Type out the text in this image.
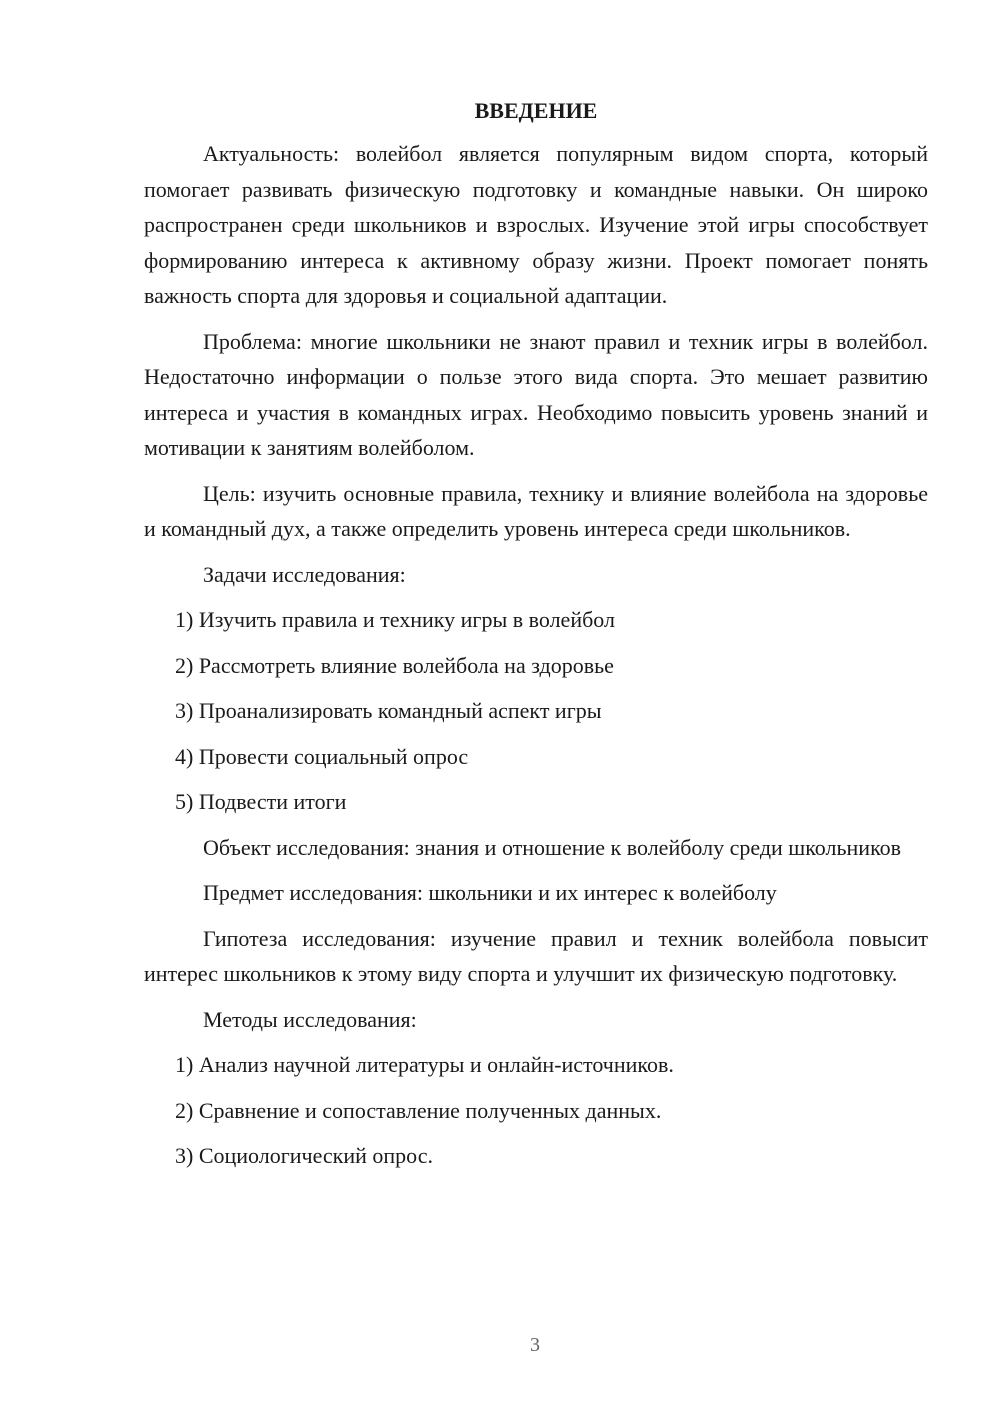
ВВЕДЕНИЕ

Актуальность: волейбол является популярным видом спорта, который помогает развивать физическую подготовку и командные навыки. Он широко распространен среди школьников и взрослых. Изучение этой игры способствует формированию интереса к активному образу жизни. Проект помогает понять важность спорта для здоровья и социальной адаптации.

Проблема: многие школьники не знают правил и техник игры в волейбол. Недостаточно информации о пользе этого вида спорта. Это мешает развитию интереса и участия в командных играх. Необходимо повысить уровень знаний и мотивации к занятиям волейболом.

Цель: изучить основные правила, технику и влияние волейбола на здоровье и командный дух, а также определить уровень интереса среди школьников.

Задачи исследования:

1) Изучить правила и технику игры в волейбол
2) Рассмотреть влияние волейбола на здоровье
3) Проанализировать командный аспект игры
4) Провести социальный опрос
5) Подвести итоги

Объект исследования: знания и отношение к волейболу среди школьников

Предмет исследования: школьники и их интерес к волейболу

Гипотеза исследования: изучение правил и техник волейбола повысит интерес школьников к этому виду спорта и улучшит их физическую подготовку.

Методы исследования:

1) Анализ научной литературы и онлайн-источников.
2) Сравнение и сопоставление полученных данных.
3) Социологический опрос.
3
